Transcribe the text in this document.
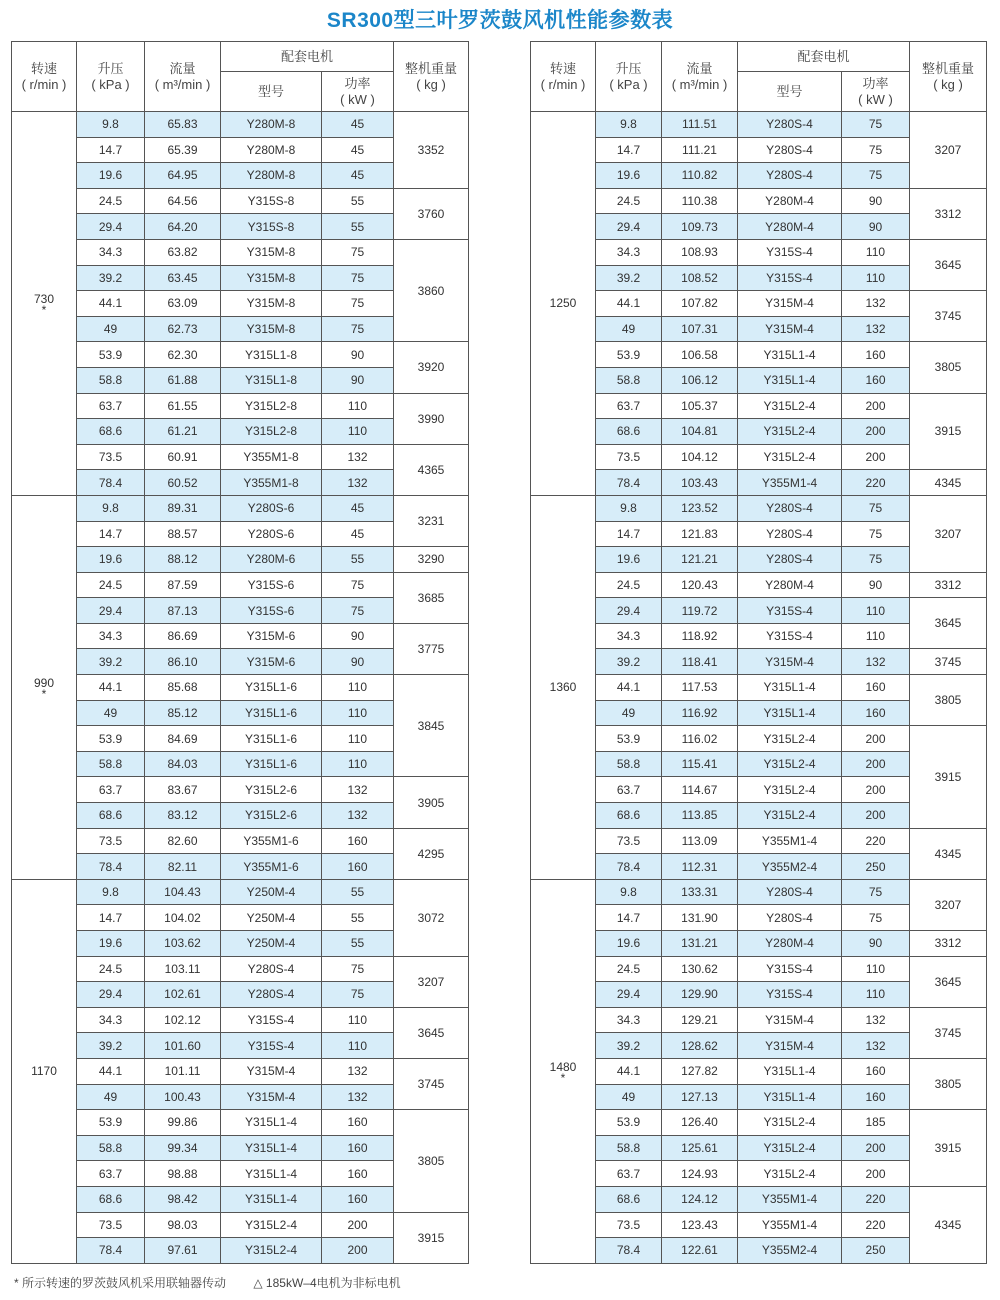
SR300型三叶罗茨鼓风机性能参数表
转速
( r/min )	升压
( kPa )	流量
( m³/min )	配套电机		整机重量
( kg )
			型号	功率
( kW )	
730
*	9.8	65.83	Y280M-8	45	3352
	14.7	65.39	Y280M-8	45	
	19.6	64.95	Y280M-8	45	
	24.5	64.56	Y315S-8	55	3760
	29.4	64.20	Y315S-8	55	
	34.3	63.82	Y315M-8	75	3860
	39.2	63.45	Y315M-8	75	
	44.1	63.09	Y315M-8	75	
	49	62.73	Y315M-8	75	
	53.9	62.30	Y315L1-8	90	3920
	58.8	61.88	Y315L1-8	90	
	63.7	61.55	Y315L2-8	110	3990
	68.6	61.21	Y315L2-8	110	
	73.5	60.91	Y355M1-8	132	4365
	78.4	60.52	Y355M1-8	132	
990
*	9.8	89.31	Y280S-6	45	3231
	14.7	88.57	Y280S-6	45	
	19.6	88.12	Y280M-6	55	3290
	24.5	87.59	Y315S-6	75	3685
	29.4	87.13	Y315S-6	75	
	34.3	86.69	Y315M-6	90	3775
	39.2	86.10	Y315M-6	90	
	44.1	85.68	Y315L1-6	110	3845
	49	85.12	Y315L1-6	110	
	53.9	84.69	Y315L1-6	110	
	58.8	84.03	Y315L1-6	110	
	63.7	83.67	Y315L2-6	132	3905
	68.6	83.12	Y315L2-6	132	
	73.5	82.60	Y355M1-6	160	4295
	78.4	82.11	Y355M1-6	160	
1170	9.8	104.43	Y250M-4	55	3072
	14.7	104.02	Y250M-4	55	
	19.6	103.62	Y250M-4	55	
	24.5	103.11	Y280S-4	75	3207
	29.4	102.61	Y280S-4	75	
	34.3	102.12	Y315S-4	110	3645
	39.2	101.60	Y315S-4	110	
	44.1	101.11	Y315M-4	132	3745
	49	100.43	Y315M-4	132	
	53.9	99.86	Y315L1-4	160	3805
	58.8	99.34	Y315L1-4	160	
	63.7	98.88	Y315L1-4	160	
	68.6	98.42	Y315L1-4	160	
	73.5	98.03	Y315L2-4	200	3915
	78.4	97.61	Y315L2-4	200	
转速
( r/min )	升压
( kPa )	流量
( m³/min )	配套电机		整机重量
( kg )
			型号	功率
( kW )	
1250	9.8	111.51	Y280S-4	75	3207
	14.7	111.21	Y280S-4	75	
	19.6	110.82	Y280S-4	75	
	24.5	110.38	Y280M-4	90	3312
	29.4	109.73	Y280M-4	90	
	34.3	108.93	Y315S-4	110	3645
	39.2	108.52	Y315S-4	110	
	44.1	107.82	Y315M-4	132	3745
	49	107.31	Y315M-4	132	
	53.9	106.58	Y315L1-4	160	3805
	58.8	106.12	Y315L1-4	160	
	63.7	105.37	Y315L2-4	200	3915
	68.6	104.81	Y315L2-4	200	
	73.5	104.12	Y315L2-4	200	
	78.4	103.43	Y355M1-4	220	4345
1360	9.8	123.52	Y280S-4	75	3207
	14.7	121.83	Y280S-4	75	
	19.6	121.21	Y280S-4	75	
	24.5	120.43	Y280M-4	90	3312
	29.4	119.72	Y315S-4	110	3645
	34.3	118.92	Y315S-4	110	
	39.2	118.41	Y315M-4	132	3745
	44.1	117.53	Y315L1-4	160	3805
	49	116.92	Y315L1-4	160	
	53.9	116.02	Y315L2-4	200	3915
	58.8	115.41	Y315L2-4	200	
	63.7	114.67	Y315L2-4	200	
	68.6	113.85	Y315L2-4	200	
	73.5	113.09	Y355M1-4	220	4345
	78.4	112.31	Y355M2-4	250	
1480
*	9.8	133.31	Y280S-4	75	3207
	14.7	131.90	Y280S-4	75	
	19.6	131.21	Y280M-4	90	3312
	24.5	130.62	Y315S-4	110	3645
	29.4	129.90	Y315S-4	110	
	34.3	129.21	Y315M-4	132	3745
	39.2	128.62	Y315M-4	132	
	44.1	127.82	Y315L1-4	160	3805
	49	127.13	Y315L1-4	160	
	53.9	126.40	Y315L2-4	185	3915
	58.8	125.61	Y315L2-4	200	
	63.7	124.93	Y315L2-4	200	
	68.6	124.12	Y355M1-4	220	4345
	73.5	123.43	Y355M1-4	220	
	78.4	122.61	Y355M2-4	250	
* 所示转速的罗茨鼓风机采用联轴器传动 △ 185kW–4电机为非标电机
